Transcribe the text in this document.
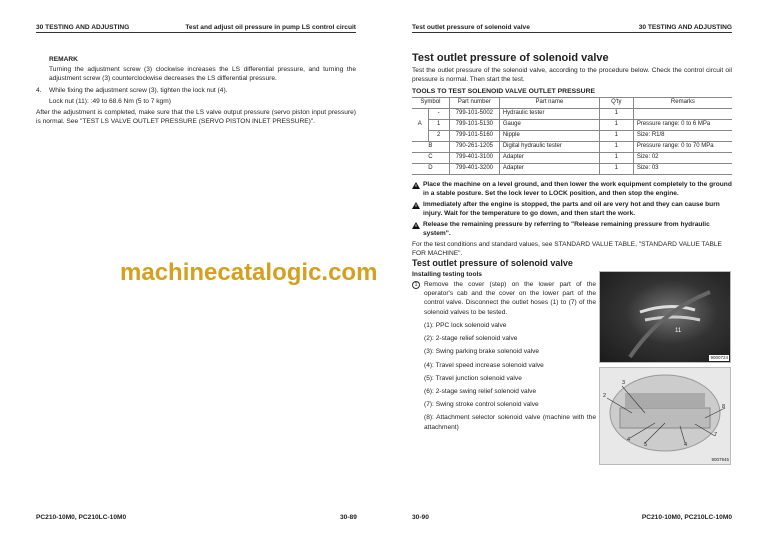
30 TESTING AND ADJUSTING	Test and adjust oil pressure in pump LS control circuit
REMARK

Turning the adjustment screw (3) clockwise increases the LS differential pressure, and turning the adjustment screw (3) counterclockwise decreases the LS differential pressure.

4. While fixing the adjustment screw (3), tighten the lock nut (4).

Lock nut (11): :49 to 68.6 Nm (5 to 7 kgm)

After the adjustment is completed, make sure that the LS valve output pressure (servo piston input pressure) is normal. See "TEST LS VALVE OUTLET PRESSURE (SERVO PISTON INLET PRESSURE)".

PC210-10M0, PC210LC-10M0	30-89
Test outlet pressure of solenoid valve	30 TESTING AND ADJUSTING
Test outlet pressure of solenoid valve

Test the outlet pressure of the solenoid valve, according to the procedure below. Check the control circuit oil pressure is normal. Then start the test.

TOOLS TO TEST SOLENOID VALVE OUTLET PRESSURE
Symbol		Part number	Part name	Q'ty	Remarks
A	-	799-101-5002	Hydraulic tester	1	
	1	799-101-5130	Gauge	1	Pressure range: 0 to 6 MPa
	2	799-101-5160	Nipple	1	Size: R1/8
B		790-261-1205	Digital hydraulic tester	1	Pressure range: 0 to 70 MPa
C		799-401-3100	Adapter	1	Size: 02
D		799-401-3200	Adapter	1	Size: 03

Place the machine on a level ground, and then lower the work equipment completely to the ground in a stable posture. Set the lock lever to LOCK position, and then stop the engine.

Immediately after the engine is stopped, the parts and oil are very hot and they can cause burn injury. Wait for the temperature to go down, and then start the work.

Release the remaining pressure by referring to "Release remaining pressure from hydraulic system".

For the test conditions and standard values, see STANDARD VALUE TABLE, "STANDARD VALUE TABLE FOR MACHINE".

Test outlet pressure of solenoid valve
Installing testing tools
1 Remove the cover (step) on the lower part of the operator's cab and the cover on the lower part of the control valve. Disconnect the outlet hoses (1) to (7) of the solenoid valves to be tested.

(1): PPC lock solenoid valve

(2): 2-stage relief solenoid valve

(3): Swing parking brake solenoid valve

(4): Travel speed increase solenoid valve

(5): Travel junction solenoid valve

(6): 2-stage swing relief solenoid valve

(7): Swing stroke control solenoid valve

(8): Attachment selector solenoid valve (machine with the attachment)

11
9000724
3
2
8
4
5	4
7
9007945
30-90	PC210-10M0, PC210LC-10M0
machinecatalogic.com
